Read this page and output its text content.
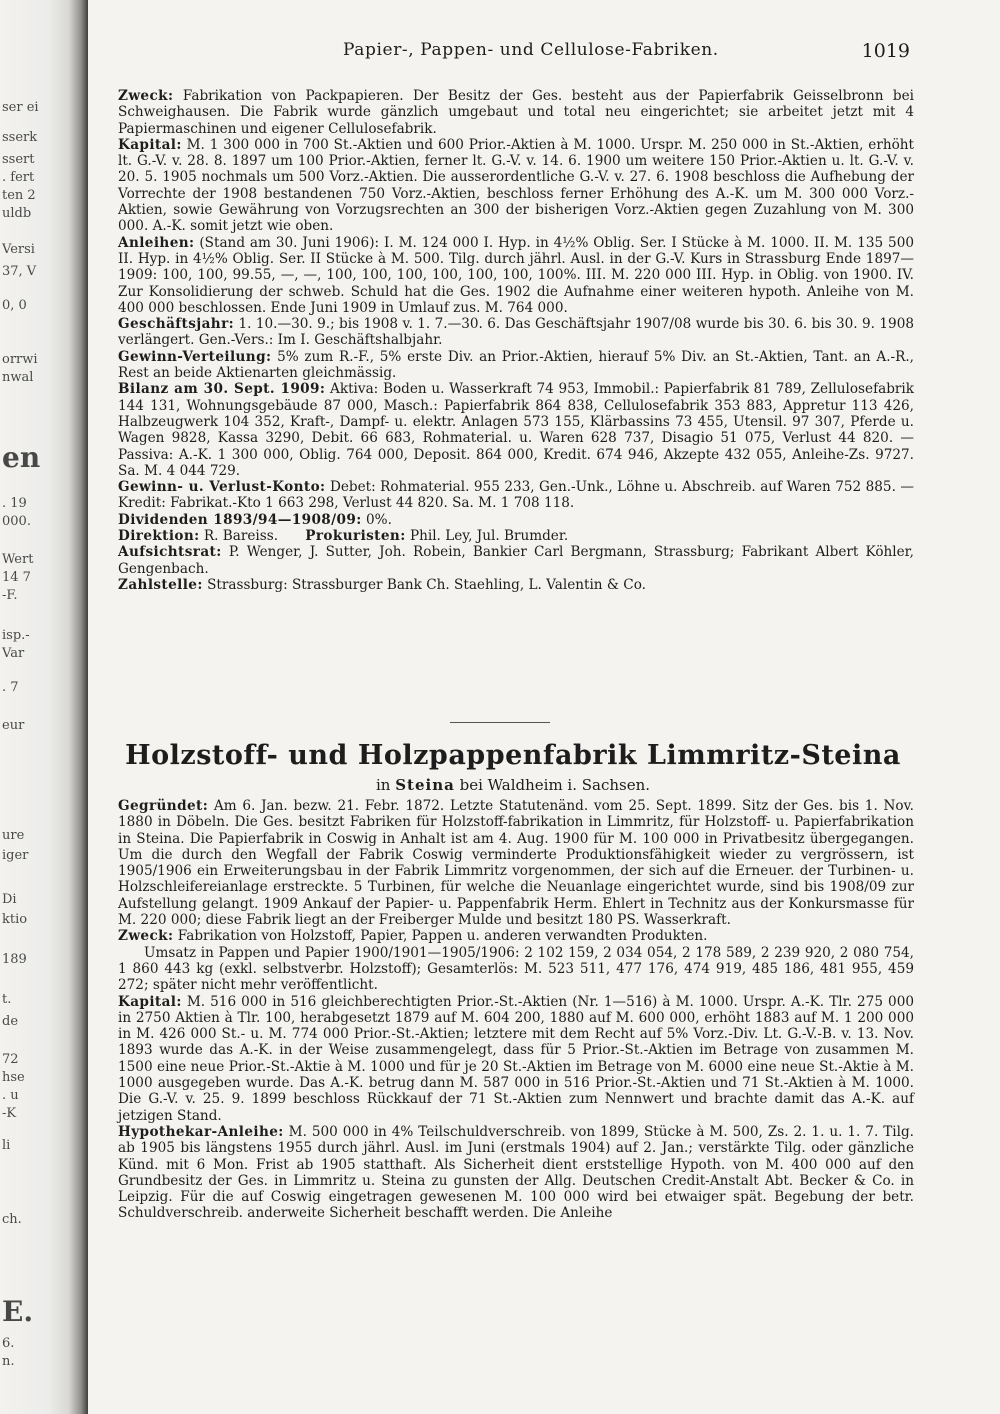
ser ei
sserk
ssert
. fert
ten 2
uldb
Versi
37, V
0, 0
orrwi
nwal
en
. 19
000.
Wert
14 7
-F.
isp.-
Var
. 7
eur
ure
iger
Di
ktio
189
t.
de
72
hse
. u
-K
li
ch.
E.
6.
n.
Papier-, Pappen- und Cellulose-Fabriken.	1019

Zweck: Fabrikation von Packpapieren. Der Besitz der Ges. besteht aus der Papierfabrik Geisselbronn bei Schweighausen. Die Fabrik wurde gänzlich umgebaut und total neu eingerichtet; sie arbeitet jetzt mit 4 Papiermaschinen und eigener Cellulosefabrik.

Kapital: M. 1 300 000 in 700 St.-Aktien und 600 Prior.-Aktien à M. 1000. Urspr. M. 250 000 in St.-Aktien, erhöht lt. G.-V. v. 28. 8. 1897 um 100 Prior.-Aktien, ferner lt. G.-V. v. 14. 6. 1900 um weitere 150 Prior.-Aktien u. lt. G.-V. v. 20. 5. 1905 nochmals um 500 Vorz.-Aktien. Die ausserordentliche G.-V. v. 27. 6. 1908 beschloss die Aufhebung der Vorrechte der 1908 bestandenen 750 Vorz.-Aktien, beschloss ferner Erhöhung des A.-K. um M. 300 000 Vorz.-Aktien, sowie Gewährung von Vorzugsrechten an 300 der bisherigen Vorz.-Aktien gegen Zuzahlung von M. 300 000. A.-K. somit jetzt wie oben.

Anleihen: (Stand am 30. Juni 1906): I. M. 124 000 I. Hyp. in 4½% Oblig. Ser. I Stücke à M. 1000. II. M. 135 500 II. Hyp. in 4½% Oblig. Ser. II Stücke à M. 500. Tilg. durch jährl. Ausl. in der G.-V. Kurs in Strassburg Ende 1897—1909: 100, 100, 99.55, —, —, 100, 100, 100, 100, 100, 100, 100%. III. M. 220 000 III. Hyp. in Oblig. von 1900. IV. Zur Konsolidierung der schweb. Schuld hat die Ges. 1902 die Aufnahme einer weiteren hypoth. Anleihe von M. 400 000 beschlossen. Ende Juni 1909 in Umlauf zus. M. 764 000.

Geschäftsjahr: 1. 10.—30. 9.; bis 1908 v. 1. 7.—30. 6. Das Geschäftsjahr 1907/08 wurde bis 30. 6. bis 30. 9. 1908 verlängert. Gen.-Vers.: Im I. Geschäftshalbjahr.

Gewinn-Verteilung: 5% zum R.-F., 5% erste Div. an Prior.-Aktien, hierauf 5% Div. an St.-Aktien, Tant. an A.-R., Rest an beide Aktienarten gleichmässig.

Bilanz am 30. Sept. 1909: Aktiva: Boden u. Wasserkraft 74 953, Immobil.: Papierfabrik 81 789, Zellulosefabrik 144 131, Wohnungsgebäude 87 000, Masch.: Papierfabrik 864 838, Cellulosefabrik 353 883, Appretur 113 426, Halbzeugwerk 104 352, Kraft-, Dampf- u. elektr. Anlagen 573 155, Klärbassins 73 455, Utensil. 97 307, Pferde u. Wagen 9828, Kassa 3290, Debit. 66 683, Rohmaterial. u. Waren 628 737, Disagio 51 075, Verlust 44 820. — Passiva: A.-K. 1 300 000, Oblig. 764 000, Deposit. 864 000, Kredit. 674 946, Akzepte 432 055, Anleihe-Zs. 9727. Sa. M. 4 044 729.

Gewinn- u. Verlust-Konto: Debet: Rohmaterial. 955 233, Gen.-Unk., Löhne u. Abschreib. auf Waren 752 885. — Kredit: Fabrikat.-Kto 1 663 298, Verlust 44 820. Sa. M. 1 708 118.

Dividenden 1893/94—1908/09: 0%.

Direktion: R. Bareiss.   Prokuristen: Phil. Ley, Jul. Brumder.

Aufsichtsrat: P. Wenger, J. Sutter, Joh. Robein, Bankier Carl Bergmann, Strassburg; Fabrikant Albert Köhler, Gengenbach.

Zahlstelle: Strassburg: Strassburger Bank Ch. Staehling, L. Valentin & Co.

Holzstoff- und Holzpappenfabrik Limmritz-Steina
in Steina bei Waldheim i. Sachsen.

Gegründet: Am 6. Jan. bezw. 21. Febr. 1872. Letzte Statutenänd. vom 25. Sept. 1899. Sitz der Ges. bis 1. Nov. 1880 in Döbeln. Die Ges. besitzt Fabriken für Holzstoff-fabrikation in Limmritz, für Holzstoff- u. Papierfabrikation in Steina. Die Papierfabrik in Coswig in Anhalt ist am 4. Aug. 1900 für M. 100 000 in Privatbesitz übergegangen. Um die durch den Wegfall der Fabrik Coswig verminderte Produktionsfähigkeit wieder zu vergrössern, ist 1905/1906 ein Erweiterungsbau in der Fabrik Limmritz vorgenommen, der sich auf die Erneuer. der Turbinen- u. Holzschleifereianlage erstreckte. 5 Turbinen, für welche die Neuanlage eingerichtet wurde, sind bis 1908/09 zur Aufstellung gelangt. 1909 Ankauf der Papier- u. Pappenfabrik Herm. Ehlert in Technitz aus der Konkursmasse für M. 220 000; diese Fabrik liegt an der Freiberger Mulde und besitzt 180 PS. Wasserkraft.

Zweck: Fabrikation von Holzstoff, Papier, Pappen u. anderen verwandten Produkten.

Umsatz in Pappen und Papier 1900/1901—1905/1906: 2 102 159, 2 034 054, 2 178 589, 2 239 920, 2 080 754, 1 860 443 kg (exkl. selbstverbr. Holzstoff); Gesamterlös: M. 523 511, 477 176, 474 919, 485 186, 481 955, 459 272; später nicht mehr veröffentlicht.

Kapital: M. 516 000 in 516 gleichberechtigten Prior.-St.-Aktien (Nr. 1—516) à M. 1000. Urspr. A.-K. Tlr. 275 000 in 2750 Aktien à Tlr. 100, herabgesetzt 1879 auf M. 604 200, 1880 auf M. 600 000, erhöht 1883 auf M. 1 200 000 in M. 426 000 St.- u. M. 774 000 Prior.-St.-Aktien; letztere mit dem Recht auf 5% Vorz.-Div. Lt. G.-V.-B. v. 13. Nov. 1893 wurde das A.-K. in der Weise zusammengelegt, dass für 5 Prior.-St.-Aktien im Betrage von zusammen M. 1500 eine neue Prior.-St.-Aktie à M. 1000 und für je 20 St.-Aktien im Betrage von M. 6000 eine neue St.-Aktie à M. 1000 ausgegeben wurde. Das A.-K. betrug dann M. 587 000 in 516 Prior.-St.-Aktien und 71 St.-Aktien à M. 1000. Die G.-V. v. 25. 9. 1899 beschloss Rückkauf der 71 St.-Aktien zum Nennwert und brachte damit das A.-K. auf jetzigen Stand.

Hypothekar-Anleihe: M. 500 000 in 4% Teilschuldverschreib. von 1899, Stücke à M. 500, Zs. 2. 1. u. 1. 7. Tilg. ab 1905 bis längstens 1955 durch jährl. Ausl. im Juni (erstmals 1904) auf 2. Jan.; verstärkte Tilg. oder gänzliche Künd. mit 6 Mon. Frist ab 1905 statthaft. Als Sicherheit dient erststellige Hypoth. von M. 400 000 auf den Grundbesitz der Ges. in Limmritz u. Steina zu gunsten der Allg. Deutschen Credit-Anstalt Abt. Becker & Co. in Leipzig. Für die auf Coswig eingetragen gewesenen M. 100 000 wird bei etwaiger spät. Begebung der betr. Schuldverschreib. anderweite Sicherheit beschafft werden. Die Anleihe
